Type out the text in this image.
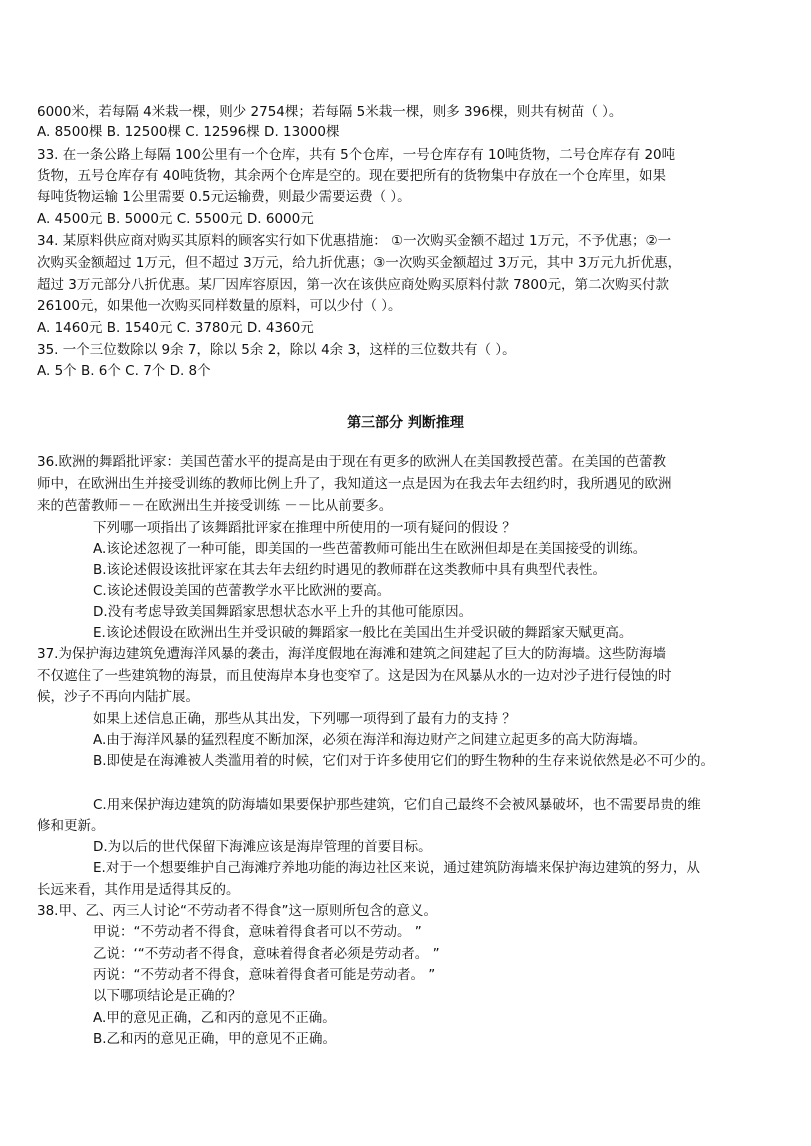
6000米，若每隔 4米栽一棵，则少 2754棵；若每隔 5米栽一棵，则多 396棵，则共有树苗（ ）。
A. 8500棵 B. 12500棵 C. 12596棵 D. 13000棵
33. 在一条公路上每隔 100公里有一个仓库，共有 5个仓库，一号仓库存有 10吨货物，二号仓库存有 20吨
货物，五号仓库存有 40吨货物，其余两个仓库是空的。现在要把所有的货物集中存放在一个仓库里，如果
每吨货物运输 1公里需要 0.5元运输费，则最少需要运费（ ）。
A. 4500元 B. 5000元 C. 5500元 D. 6000元
34. 某原料供应商对购买其原料的顾客实行如下优惠措施： ①一次购买金额不超过 1万元，不予优惠；②一
次购买金额超过 1万元，但不超过 3万元，给九折优惠；③一次购买金额超过 3万元，其中 3万元九折优惠，
超过 3万元部分八折优惠。某厂因库容原因，第一次在该供应商处购买原料付款 7800元，第二次购买付款
26100元，如果他一次购买同样数量的原料，可以少付（ ）。
A. 1460元 B. 1540元 C. 3780元 D. 4360元
35. 一个三位数除以 9余 7，除以 5余 2，除以 4余 3，这样的三位数共有（ ）。
A. 5个 B. 6个 C. 7个 D. 8个
第三部分 判断推理
36.欧洲的舞蹈批评家：美国芭蕾水平的提高是由于现在有更多的欧洲人在美国教授芭蕾。在美国的芭蕾教
师中，在欧洲出生并接受训练的教师比例上升了，我知道这一点是因为在我去年去纽约时，我所遇见的欧洲
来的芭蕾教师－－在欧洲出生并接受训练 －－比从前要多。
下列哪一项指出了该舞蹈批评家在推理中所使用的一项有疑问的假设 ？
A.该论述忽视了一种可能，即美国的一些芭蕾教师可能出生在欧洲但却是在美国接受的训练。
B.该论述假设该批评家在其去年去纽约时遇见的教师群在这类教师中具有典型代表性。
C.该论述假设美国的芭蕾教学水平比欧洲的要高。
D.没有考虑导致美国舞蹈家思想状态水平上升的其他可能原因。
E.该论述假设在欧洲出生并受识破的舞蹈家一般比在美国出生并受识破的舞蹈家天赋更高。
37.为保护海边建筑免遭海洋风暴的袭击，海洋度假地在海滩和建筑之间建起了巨大的防海墙。这些防海墙
不仅遮住了一些建筑物的海景，而且使海岸本身也变窄了。这是因为在风暴从水的一边对沙子进行侵蚀的时
候，沙子不再向内陆扩展。
如果上述信息正确，那些从其出发，下列哪一项得到了最有力的支持 ？
A.由于海洋风暴的猛烈程度不断加深，必须在海洋和海边财产之间建立起更多的高大防海墙。
B.即使是在海滩被人类滥用着的时候，它们对于许多使用它们的野生物种的生存来说依然是必不可少的。
C.用来保护海边建筑的防海墙如果要保护那些建筑，它们自己最终不会被风暴破坏，也不需要昂贵的维
修和更新。
D.为以后的世代保留下海滩应该是海岸管理的首要目标。
E.对于一个想要维护自己海滩疗养地功能的海边社区来说，通过建筑防海墙来保护海边建筑的努力，从
长远来看，其作用是适得其反的。
38.甲、乙、丙三人讨论“不劳动者不得食”这一原则所包含的意义。
甲说：“不劳动者不得食，意味着得食者可以不劳动。 ”
乙说：‘“不劳动者不得食，意味着得食者必须是劳动者。 ”
丙说：“不劳动者不得食，意味着得食者可能是劳动者。 ”
以下哪项结论是正确的？
A.甲的意见正确，乙和丙的意见不正确。
B.乙和丙的意见正确，甲的意见不正确。
